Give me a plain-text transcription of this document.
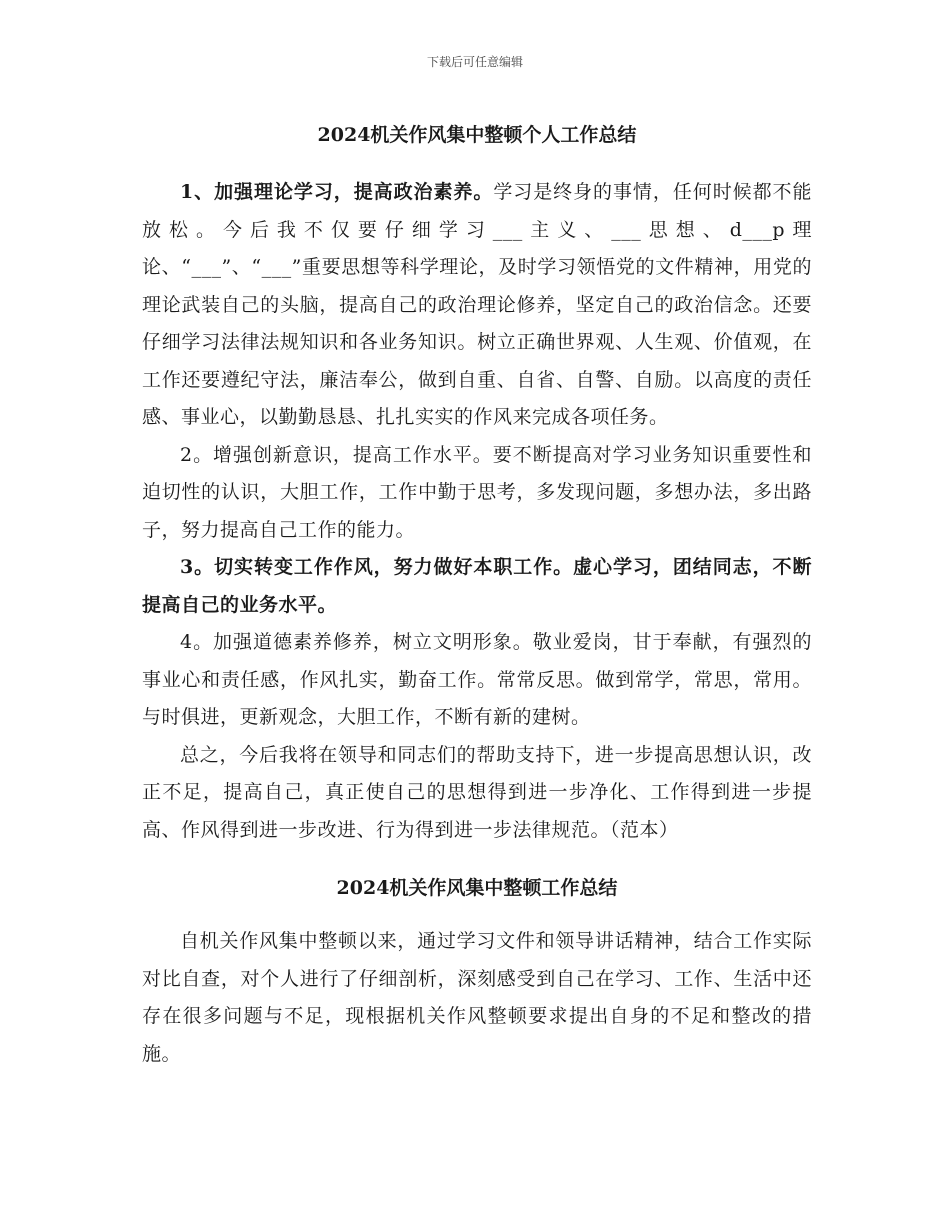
下载后可任意编辑
2024机关作风集中整顿个人工作总结

1、加强理论学习，提高政治素养。学习是终身的事情，任何时候都不能放松。今后我不仅要仔细学习___主义、___思想、d___p理论、“___”、“___”重要思想等科学理论，及时学习领悟党的文件精神，用党的理论武装自己的头脑，提高自己的政治理论修养，坚定自己的政治信念。还要仔细学习法律法规知识和各业务知识。树立正确世界观、人生观、价值观，在工作还要遵纪守法，廉洁奉公，做到自重、自省、自警、自励。以高度的责任感、事业心，以勤勤恳恳、扎扎实实的作风来完成各项任务。

2。增强创新意识，提高工作水平。要不断提高对学习业务知识重要性和迫切性的认识，大胆工作，工作中勤于思考，多发现问题，多想办法，多出路子，努力提高自己工作的能力。

3。切实转变工作作风，努力做好本职工作。虚心学习，团结同志，不断提高自己的业务水平。

4。加强道德素养修养，树立文明形象。敬业爱岗，甘于奉献，有强烈的事业心和责任感，作风扎实，勤奋工作。常常反思。做到常学，常思，常用。与时俱进，更新观念，大胆工作，不断有新的建树。

总之，今后我将在领导和同志们的帮助支持下，进一步提高思想认识，改正不足，提高自己，真正使自己的思想得到进一步净化、工作得到进一步提高、作风得到进一步改进、行为得到进一步法律规范。（范本）

2024机关作风集中整顿工作总结

自机关作风集中整顿以来，通过学习文件和领导讲话精神，结合工作实际对比自查，对个人进行了仔细剖析，深刻感受到自己在学习、工作、生活中还存在很多问题与不足，现根据机关作风整顿要求提出自身的不足和整改的措施。
